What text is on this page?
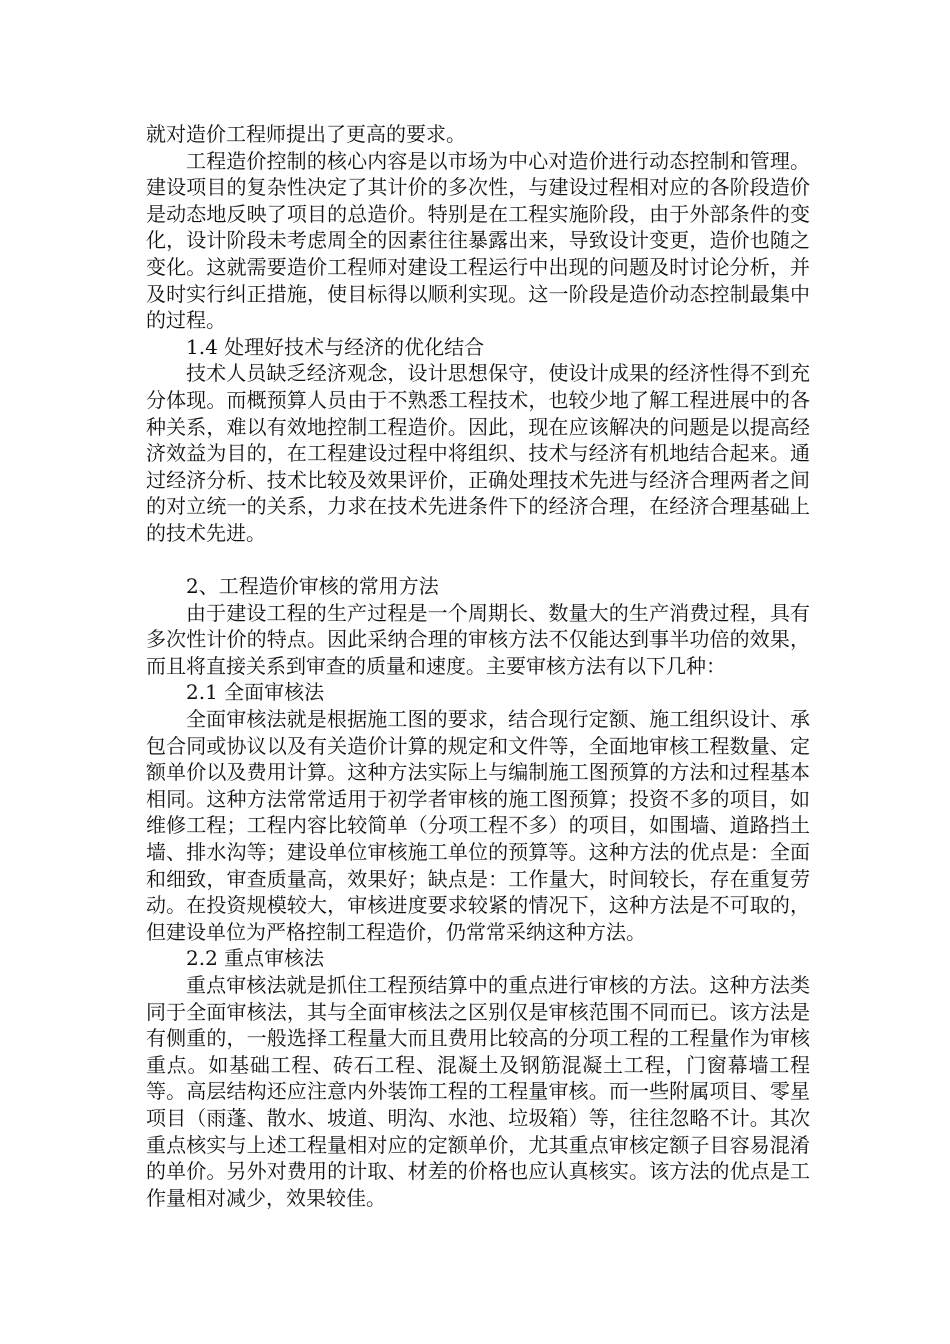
就对造价工程师提出了更高的要求。

工程造价控制的核心内容是以市场为中心对造价进行动态控制和管理。建设项目的复杂性决定了其计价的多次性，与建设过程相对应的各阶段造价是动态地反映了项目的总造价。特别是在工程实施阶段，由于外部条件的变化，设计阶段未考虑周全的因素往往暴露出来，导致设计变更，造价也随之变化。这就需要造价工程师对建设工程运行中出现的问题及时讨论分析，并及时实行纠正措施，使目标得以顺利实现。这一阶段是造价动态控制最集中的过程。

1.4 处理好技术与经济的优化结合

技术人员缺乏经济观念，设计思想保守，使设计成果的经济性得不到充分体现。而概预算人员由于不熟悉工程技术，也较少地了解工程进展中的各种关系，难以有效地控制工程造价。因此，现在应该解决的问题是以提高经济效益为目的，在工程建设过程中将组织、技术与经济有机地结合起来。通过经济分析、技术比较及效果评价，正确处理技术先进与经济合理两者之间的对立统一的关系，力求在技术先进条件下的经济合理，在经济合理基础上的技术先进。

2、工程造价审核的常用方法

由于建设工程的生产过程是一个周期长、数量大的生产消费过程，具有多次性计价的特点。因此采纳合理的审核方法不仅能达到事半功倍的效果，而且将直接关系到审查的质量和速度。主要审核方法有以下几种：

2.1 全面审核法

全面审核法就是根据施工图的要求，结合现行定额、施工组织设计、承包合同或协议以及有关造价计算的规定和文件等，全面地审核工程数量、定额单价以及费用计算。这种方法实际上与编制施工图预算的方法和过程基本相同。这种方法常常适用于初学者审核的施工图预算；投资不多的项目，如维修工程；工程内容比较简单（分项工程不多）的项目，如围墙、道路挡土墙、排水沟等；建设单位审核施工单位的预算等。这种方法的优点是：全面和细致，审查质量高，效果好；缺点是：工作量大，时间较长，存在重复劳动。在投资规模较大，审核进度要求较紧的情况下，这种方法是不可取的，但建设单位为严格控制工程造价，仍常常采纳这种方法。

2.2 重点审核法

重点审核法就是抓住工程预结算中的重点进行审核的方法。这种方法类同于全面审核法，其与全面审核法之区别仅是审核范围不同而已。该方法是有侧重的，一般选择工程量大而且费用比较高的分项工程的工程量作为审核重点。如基础工程、砖石工程、混凝土及钢筋混凝土工程，门窗幕墙工程等。高层结构还应注意内外装饰工程的工程量审核。而一些附属项目、零星项目（雨蓬、散水、坡道、明沟、水池、垃圾箱）等，往往忽略不计。其次重点核实与上述工程量相对应的定额单价，尤其重点审核定额子目容易混淆的单价。另外对费用的计取、材差的价格也应认真核实。该方法的优点是工作量相对减少，效果较佳。
